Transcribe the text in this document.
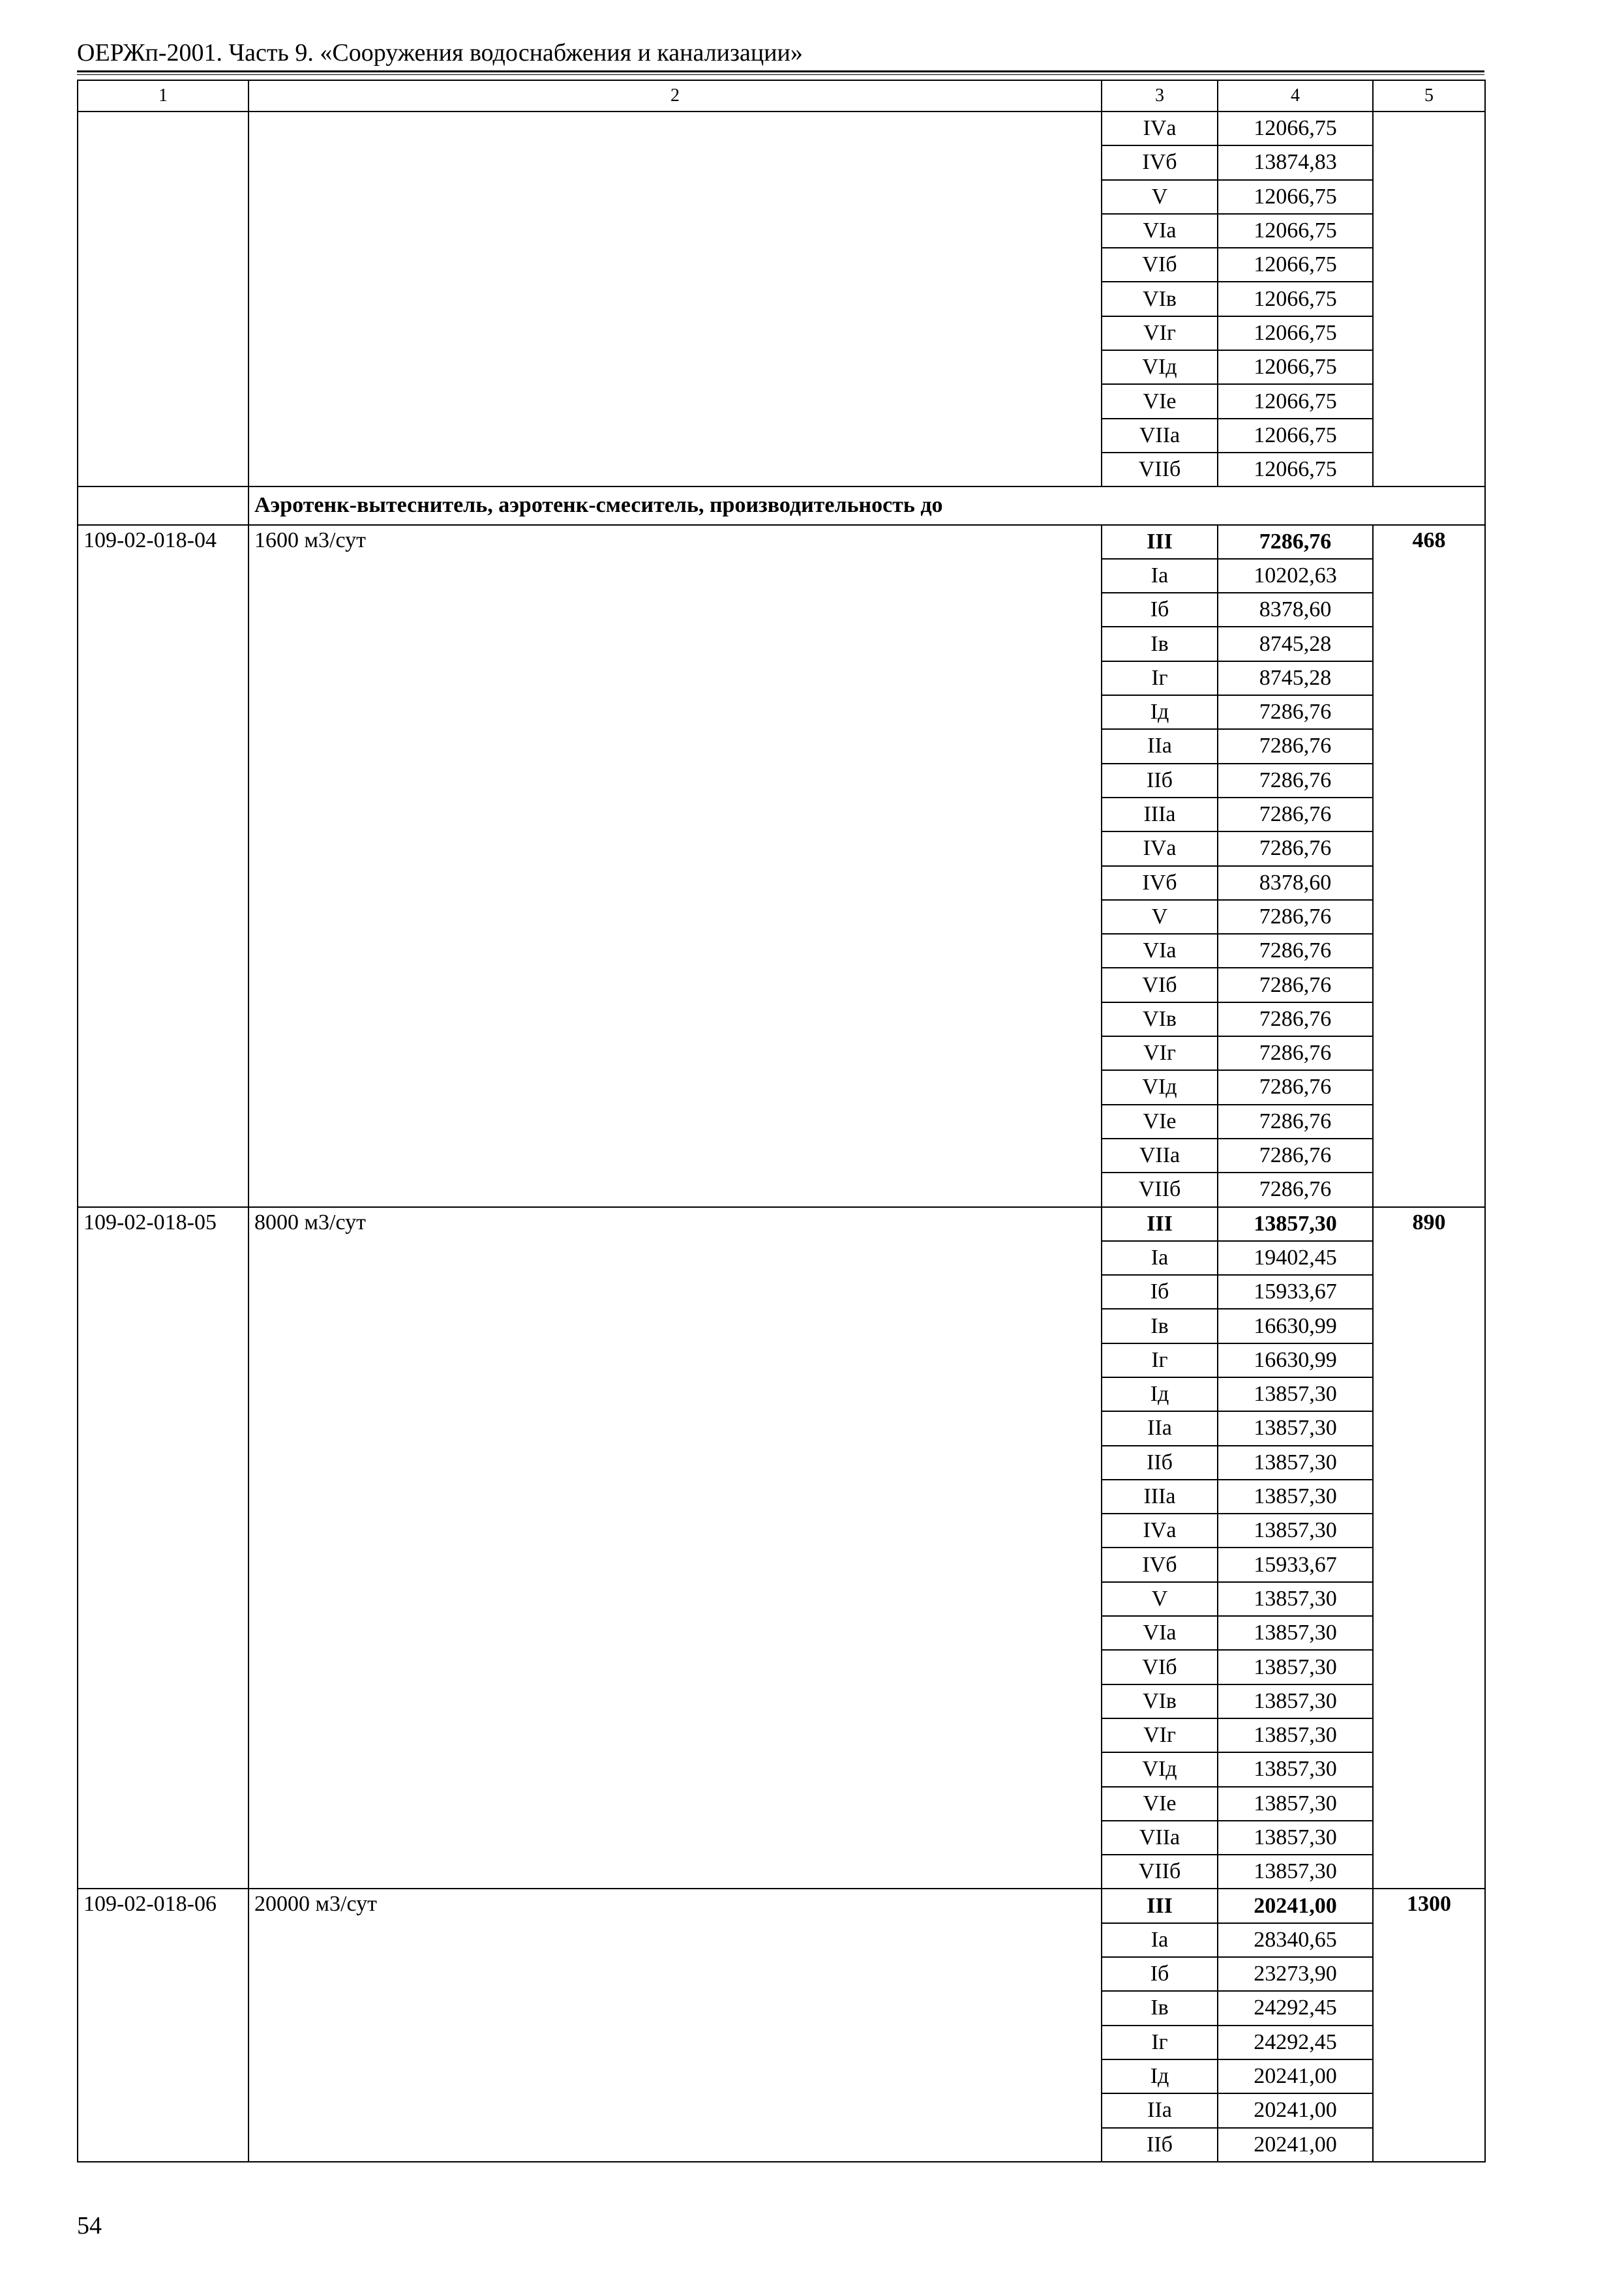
ОЕРЖп-2001. Часть 9. «Сооружения водоснабжения и канализации»
1	2	3	4	5
		IVа	12066,75	
		IVб	13874,83	
		V	12066,75	
		VIа	12066,75	
		VIб	12066,75	
		VIв	12066,75	
		VIг	12066,75	
		VIд	12066,75	
		VIе	12066,75	
		VIIа	12066,75	
		VIIб	12066,75	
	Аэротенк-вытеснитель, аэротенк-смеситель, производительность до			
109-02-018-04	1600 м3/сут	III	7286,76	468
		Iа	10202,63	
		Iб	8378,60	
		Iв	8745,28	
		Iг	8745,28	
		Iд	7286,76	
		IIа	7286,76	
		IIб	7286,76	
		IIIа	7286,76	
		IVа	7286,76	
		IVб	8378,60	
		V	7286,76	
		VIа	7286,76	
		VIб	7286,76	
		VIв	7286,76	
		VIг	7286,76	
		VIд	7286,76	
		VIе	7286,76	
		VIIа	7286,76	
		VIIб	7286,76	
109-02-018-05	8000 м3/сут	III	13857,30	890
		Iа	19402,45	
		Iб	15933,67	
		Iв	16630,99	
		Iг	16630,99	
		Iд	13857,30	
		IIа	13857,30	
		IIб	13857,30	
		IIIа	13857,30	
		IVа	13857,30	
		IVб	15933,67	
		V	13857,30	
		VIа	13857,30	
		VIб	13857,30	
		VIв	13857,30	
		VIг	13857,30	
		VIд	13857,30	
		VIе	13857,30	
		VIIа	13857,30	
		VIIб	13857,30	
109-02-018-06	20000 м3/сут	III	20241,00	1300
		Iа	28340,65	
		Iб	23273,90	
		Iв	24292,45	
		Iг	24292,45	
		Iд	20241,00	
		IIа	20241,00	
		IIб	20241,00	
54
